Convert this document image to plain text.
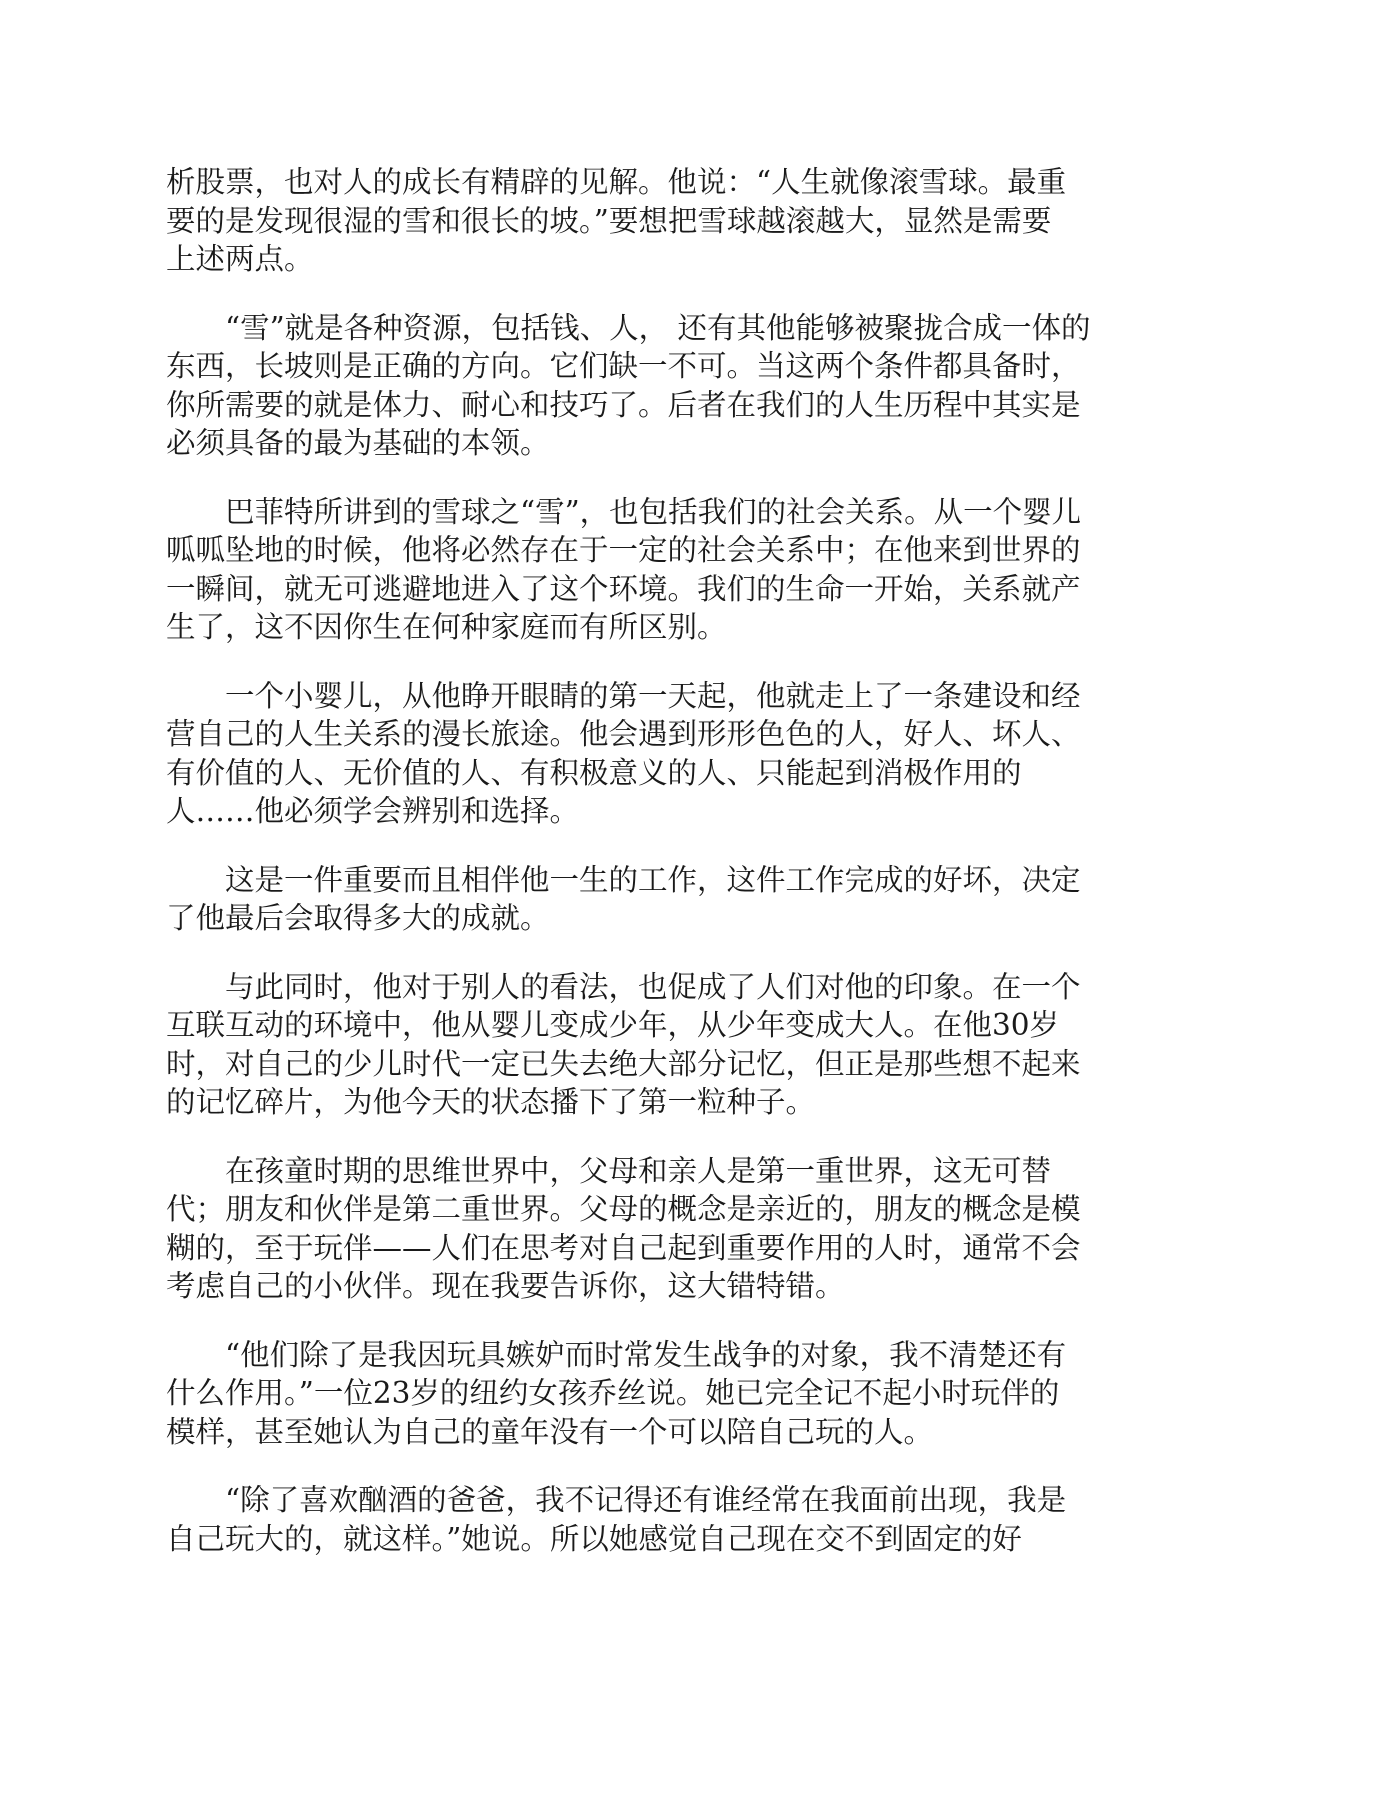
析股票，也对人的成长有精辟的见解。他说：“人生就像滚雪球。最重
要的是发现很湿的雪和很长的坡。”要想把雪球越滚越大，显然是需要
上述两点。

“雪”就是各种资源，包括钱、人， 还有其他能够被聚拢合成一体的
东西，长坡则是正确的方向。它们缺一不可。当这两个条件都具备时，
你所需要的就是体力、耐心和技巧了。后者在我们的人生历程中其实是
必须具备的最为基础的本领。

巴菲特所讲到的雪球之“雪”，也包括我们的社会关系。从一个婴儿
呱呱坠地的时候，他将必然存在于一定的社会关系中；在他来到世界的
一瞬间，就无可逃避地进入了这个环境。我们的生命一开始，关系就产
生了，这不因你生在何种家庭而有所区别。

一个小婴儿，从他睁开眼睛的第一天起，他就走上了一条建设和经
营自己的人生关系的漫长旅途。他会遇到形形色色的人，好人、坏人、
有价值的人、无价值的人、有积极意义的人、只能起到消极作用的
人……他必须学会辨别和选择。

这是一件重要而且相伴他一生的工作，这件工作完成的好坏，决定
了他最后会取得多大的成就。

与此同时，他对于别人的看法，也促成了人们对他的印象。在一个
互联互动的环境中，他从婴儿变成少年，从少年变成大人。在他30岁
时，对自己的少儿时代一定已失去绝大部分记忆，但正是那些想不起来
的记忆碎片，为他今天的状态播下了第一粒种子。

在孩童时期的思维世界中，父母和亲人是第一重世界，这无可替
代；朋友和伙伴是第二重世界。父母的概念是亲近的，朋友的概念是模
糊的，至于玩伴——人们在思考对自己起到重要作用的人时，通常不会
考虑自己的小伙伴。现在我要告诉你，这大错特错。

“他们除了是我因玩具嫉妒而时常发生战争的对象，我不清楚还有
什么作用。”一位23岁的纽约女孩乔丝说。她已完全记不起小时玩伴的
模样，甚至她认为自己的童年没有一个可以陪自己玩的人。

“除了喜欢酗酒的爸爸，我不记得还有谁经常在我面前出现，我是
自己玩大的，就这样。”她说。所以她感觉自己现在交不到固定的好
